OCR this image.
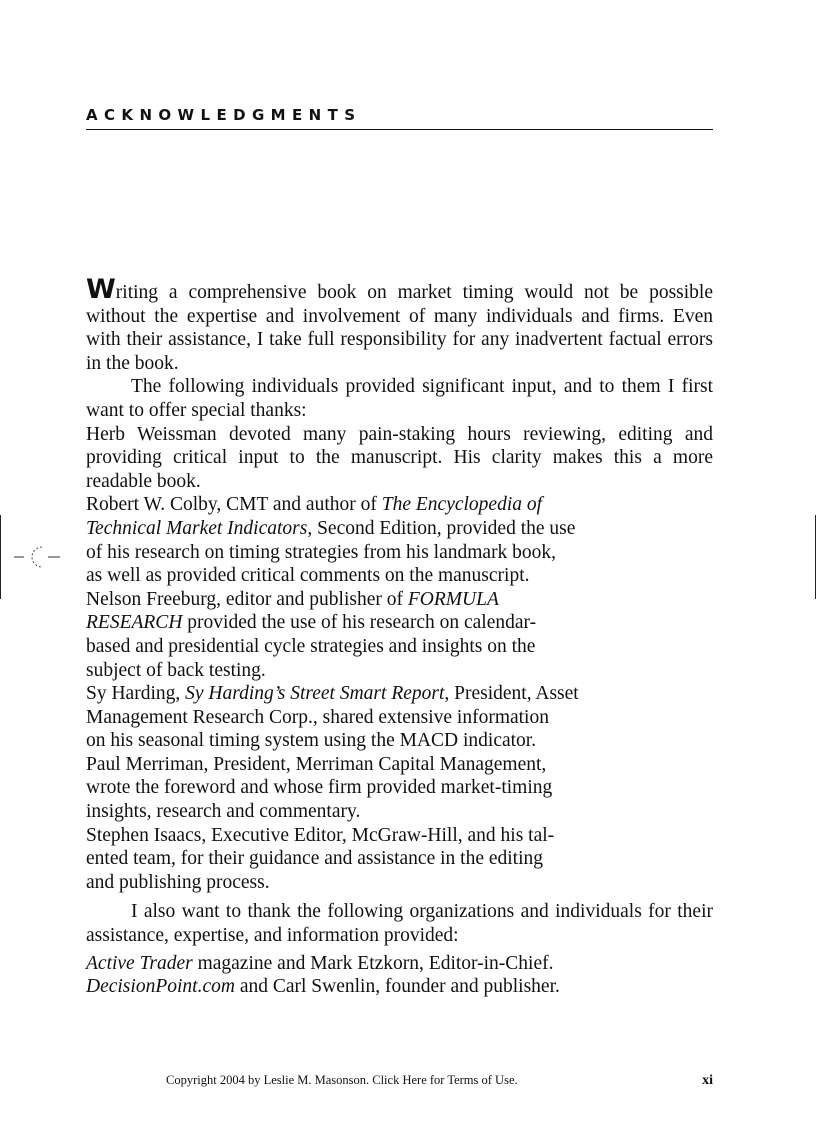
ACKNOWLEDGMENTS

Writing a comprehensive book on market timing would not be possible without the expertise and involvement of many individuals and firms. Even with their assistance, I take full responsibility for any inadvertent factual errors in the book.

The following individuals provided significant input, and to them I first want to offer special thanks:

Herb Weissman devoted many pain-staking hours reviewing, editing and providing critical input to the manuscript. His clarity makes this a more readable book.

Robert W. Colby, CMT and author of The Encyclopedia of
Technical Market Indicators, Second Edition, provided the use
of his research on timing strategies from his landmark book,
as well as provided critical comments on the manuscript.

Nelson Freeburg, editor and publisher of FORMULA
RESEARCH provided the use of his research on calendar-
based and presidential cycle strategies and insights on the
subject of back testing.

Sy Harding, Sy Harding’s Street Smart Report, President, Asset
Management Research Corp., shared extensive information
on his seasonal timing system using the MACD indicator.

Paul Merriman, President, Merriman Capital Management,
wrote the foreword and whose firm provided market-timing
insights, research and commentary.

Stephen Isaacs, Executive Editor, McGraw-Hill, and his tal-
ented team, for their guidance and assistance in the editing
and publishing process.

I also want to thank the following organizations and individuals for their assistance, expertise, and information provided:

Active Trader magazine and Mark Etzkorn, Editor-in-Chief.

DecisionPoint.com and Carl Swenlin, founder and publisher.

Copyright 2004 by Leslie M. Masonson. Click Here for Terms of Use.	xi
